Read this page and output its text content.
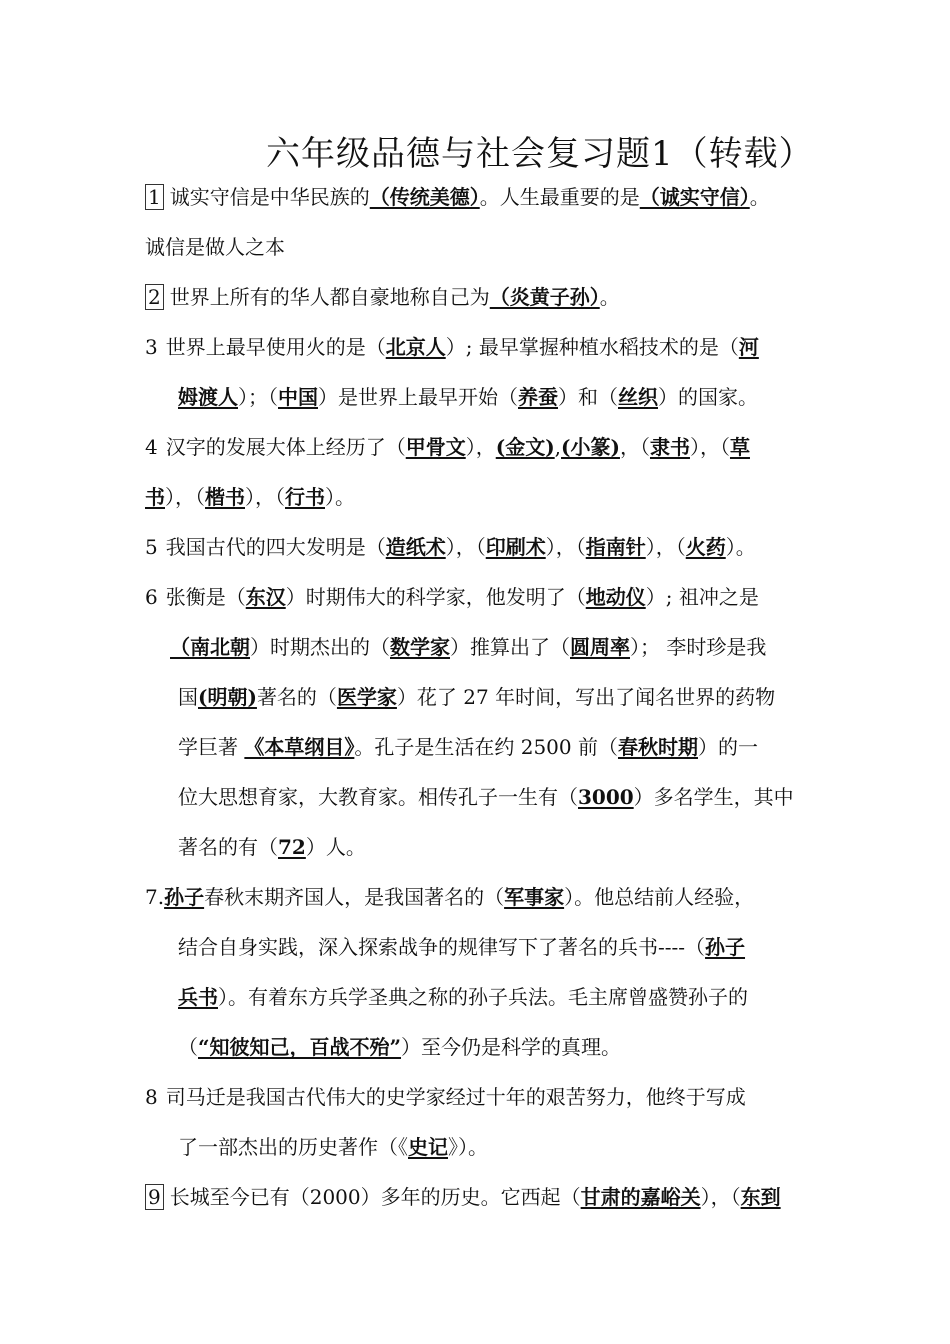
六年级品德与社会复习题1（转载）
1 诚实守信是中华民族的（传统美德）。人生最重要的是（诚实守信）。
诚信是做人之本
2 世界上所有的华人都自豪地称自己为（炎黄子孙）。
3 世界上最早使用火的是（北京人）; 最早掌握种植水稻技术的是（河
姆渡人）；（中国）是世界上最早开始（养蚕）和（丝织）的国家。
4 汉字的发展大体上经历了（甲骨文），(金文),(小篆)，（隶书），（草
书），（楷书），（行书）。
5 我国古代的四大发明是（造纸术），（印刷术），（指南针），（火药）。
6 张衡是（东汉）时期伟大的科学家，他发明了（地动仪）; 祖冲之是
（南北朝）时期杰出的（数学家）推算出了（圆周率）； 李时珍是我
国(明朝)著名的（医学家）花了 27 年时间，写出了闻名世界的药物
学巨著 《本草纲目》。孔子是生活在约 2500 前（春秋时期）的一
位大思想育家，大教育家。相传孔子一生有（3000）多名学生，其中
著名的有（72）人。
7.孙子春秋末期齐国人，是我国著名的（军事家）。他总结前人经验，
结合自身实践，深入探索战争的规律写下了著名的兵书----（孙子
兵书）。有着东方兵学圣典之称的孙子兵法。毛主席曾盛赞孙子的
（“知彼知己，百战不殆”）至今仍是科学的真理。
8 司马迁是我国古代伟大的史学家经过十年的艰苦努力，他终于写成
了一部杰出的历史著作（《史记》）。
9 长城至今已有（2000）多年的历史。它西起（甘肃的嘉峪关），（东到
